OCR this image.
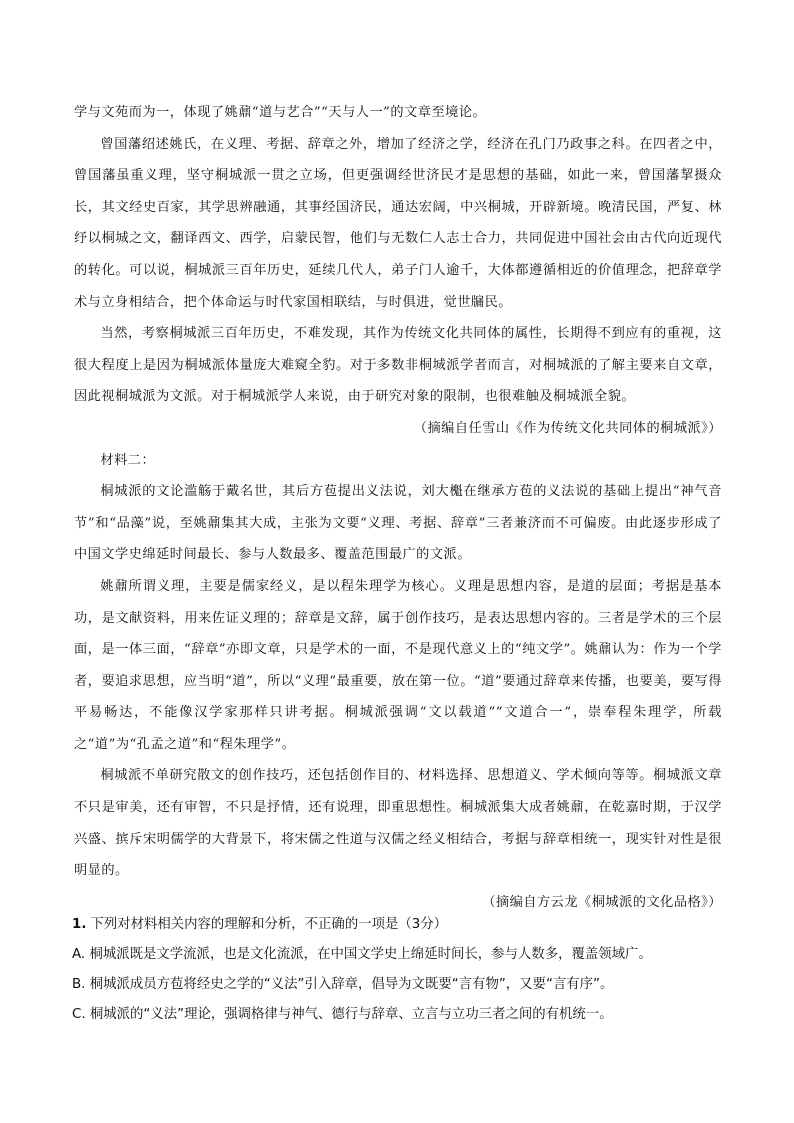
学与文苑而为一，体现了姚鼐“道与艺合”“天与人一”的文章至境论。

曾国藩绍述姚氏，在义理、考据、辞章之外，增加了经济之学，经济在孔门乃政事之科。在四者之中，曾国藩虽重义理，坚守桐城派一贯之立场，但更强调经世济民才是思想的基础，如此一来，曾国藩挈摄众长，其文经史百家，其学思辨融通，其事经国济民，通达宏阔，中兴桐城，开辟新境。晚清民国，严复、林纾以桐城之文，翻译西文、西学，启蒙民智，他们与无数仁人志士合力，共同促进中国社会由古代向近现代的转化。可以说，桐城派三百年历史，延续几代人，弟子门人逾千，大体都遵循相近的价值理念，把辞章学术与立身相结合，把个体命运与时代家国相联结，与时俱进，觉世牖民。

当然，考察桐城派三百年历史，不难发现，其作为传统文化共同体的属性，长期得不到应有的重视，这很大程度上是因为桐城派体量庞大难窥全豹。对于多数非桐城派学者而言，对桐城派的了解主要来自文章，因此视桐城派为文派。对于桐城派学人来说，由于研究对象的限制，也很难触及桐城派全貌。

（摘编自任雪山《作为传统文化共同体的桐城派》）

材料二：

桐城派的文论滥觞于戴名世，其后方苞提出义法说，刘大櫆在继承方苞的义法说的基础上提出“神气音节”和“品藻”说，至姚鼐集其大成，主张为文要“义理、考据、辞章”三者兼济而不可偏废。由此逐步形成了中国文学史绵延时间最长、参与人数最多、覆盖范围最广的文派。

姚鼐所谓义理，主要是儒家经义，是以程朱理学为核心。义理是思想内容，是道的层面；考据是基本功，是文献资料，用来佐证义理的；辞章是文辞，属于创作技巧，是表达思想内容的。三者是学术的三个层面，是一体三面，“辞章”亦即文章，只是学术的一面，不是现代意义上的“纯文学”。姚鼐认为：作为一个学者，要追求思想，应当明“道”，所以“义理”最重要，放在第一位。“道”要通过辞章来传播，也要美，要写得平易畅达，不能像汉学家那样只讲考据。桐城派强调“文以载道”“文道合一”，崇奉程朱理学，所载之“道”为“孔孟之道”和“程朱理学”。

桐城派不单研究散文的创作技巧，还包括创作目的、材料选择、思想道义、学术倾向等等。桐城派文章不只是审美，还有审智，不只是抒情，还有说理，即重思想性。桐城派集大成者姚鼐，在乾嘉时期，于汉学兴盛、摈斥宋明儒学的大背景下，将宋儒之性道与汉儒之经义相结合，考据与辞章相统一，现实针对性是很明显的。

（摘编自方云龙《桐城派的文化品格》）

1. 下列对材料相关内容的理解和分析，不正确的一项是（3分）

A. 桐城派既是文学流派，也是文化流派，在中国文学史上绵延时间长，参与人数多，覆盖领域广。

B. 桐城派成员方苞将经史之学的“义法”引入辞章，倡导为文既要“言有物”，又要“言有序”。

C. 桐城派的“义法”理论，强调格律与神气、德行与辞章、立言与立功三者之间的有机统一。
